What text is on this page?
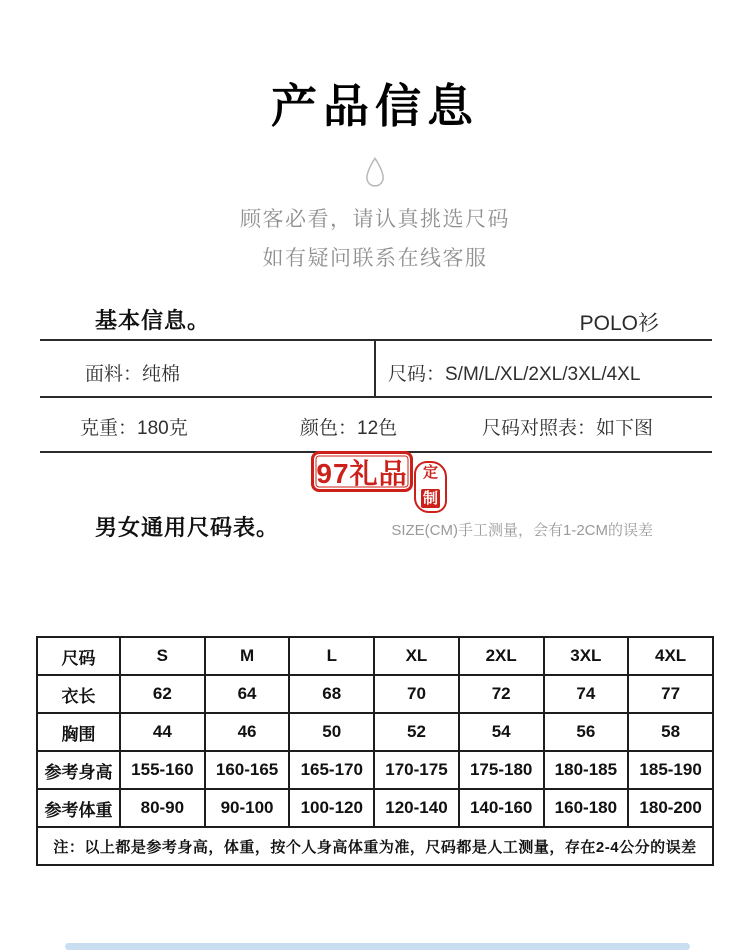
产品信息
顾客必看，请认真挑选尺码
如有疑问联系在线客服
基本信息。	POLO衫
面料：纯棉	尺码：S/M/L/XL/2XL/3XL/4XL
克重：180克	颜色：12色	尺码对照表：如下图
97礼品 定
制
男女通用尺码表。	SIZE(CM)手工测量，会有1-2CM的误差
尺码	S	M	L	XL	2XL	3XL	4XL
衣长	62	64	68	70	72	74	77
胸围	44	46	50	52	54	56	58
参考身高	155-160	160-165	165-170	170-175	175-180	180-185	185-190
参考体重	80-90	90-100	100-120	120-140	140-160	160-180	180-200
注：以上都是参考身高，体重，按个人身高体重为准，尺码都是人工测量，存在2-4公分的误差							
